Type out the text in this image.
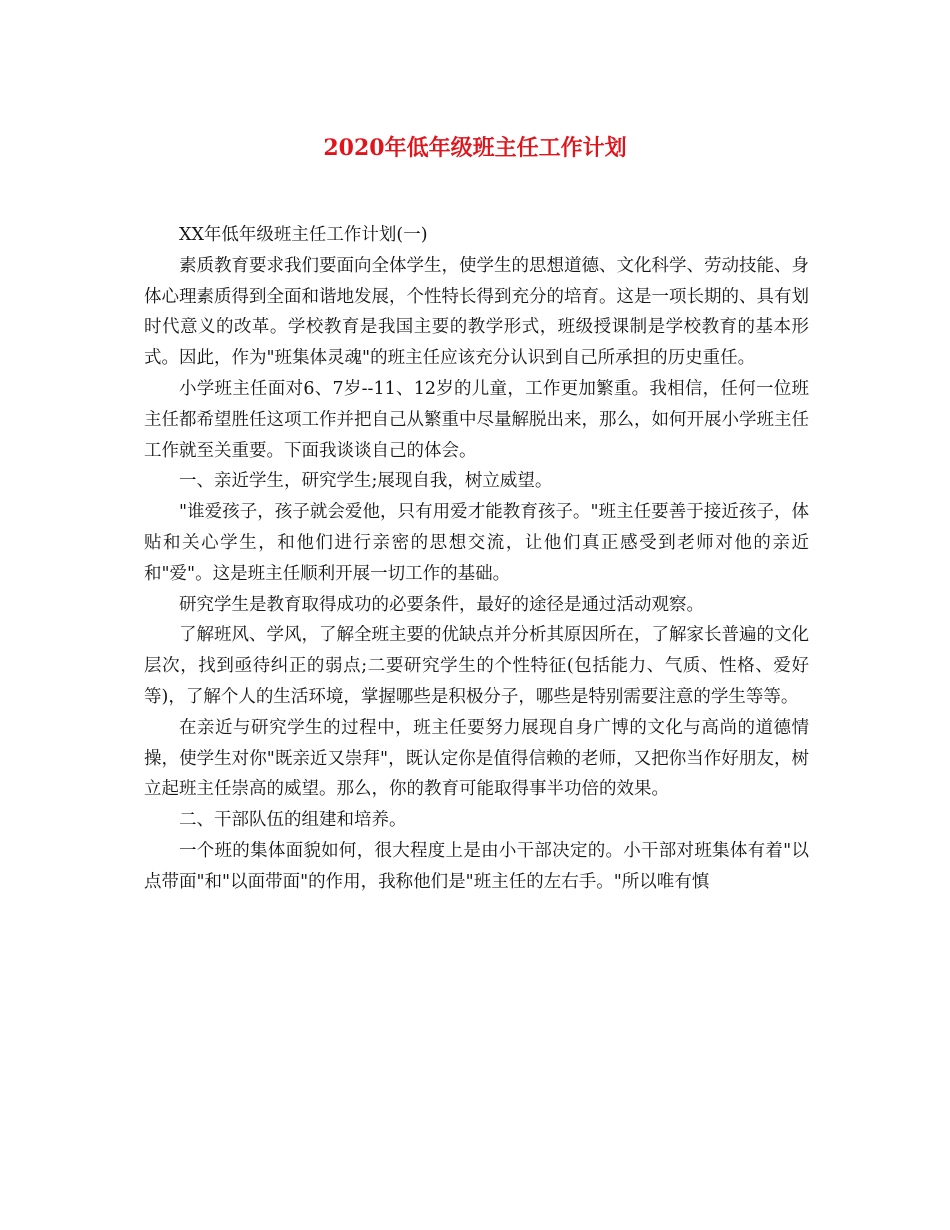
2020年低年级班主任工作计划

XX年低年级班主任工作计划(一)

素质教育要求我们要面向全体学生，使学生的思想道德、文化科学、劳动技能、身体心理素质得到全面和谐地发展，个性特长得到充分的培育。这是一项长期的、具有划时代意义的改革。学校教育是我国主要的教学形式，班级授课制是学校教育的基本形式。因此，作为"班集体灵魂"的班主任应该充分认识到自己所承担的历史重任。

小学班主任面对6、7岁--11、12岁的儿童，工作更加繁重。我相信，任何一位班主任都希望胜任这项工作并把自己从繁重中尽量解脱出来，那么，如何开展小学班主任工作就至关重要。下面我谈谈自己的体会。

一、亲近学生，研究学生;展现自我，树立威望。

"谁爱孩子，孩子就会爱他，只有用爱才能教育孩子。"班主任要善于接近孩子，体贴和关心学生，和他们进行亲密的思想交流，让他们真正感受到老师对他的亲近和"爱"。这是班主任顺利开展一切工作的基础。

研究学生是教育取得成功的必要条件，最好的途径是通过活动观察。

了解班风、学风，了解全班主要的优缺点并分析其原因所在，了解家长普遍的文化层次，找到亟待纠正的弱点;二要研究学生的个性特征(包括能力、气质、性格、爱好等)，了解个人的生活环境，掌握哪些是积极分子，哪些是特别需要注意的学生等等。

在亲近与研究学生的过程中，班主任要努力展现自身广博的文化与高尚的道德情操，使学生对你"既亲近又崇拜"，既认定你是值得信赖的老师，又把你当作好朋友，树立起班主任崇高的威望。那么，你的教育可能取得事半功倍的效果。

二、干部队伍的组建和培养。

一个班的集体面貌如何，很大程度上是由小干部决定的。小干部对班集体有着"以点带面"和"以面带面"的作用，我称他们是"班主任的左右手。"所以唯有慎
